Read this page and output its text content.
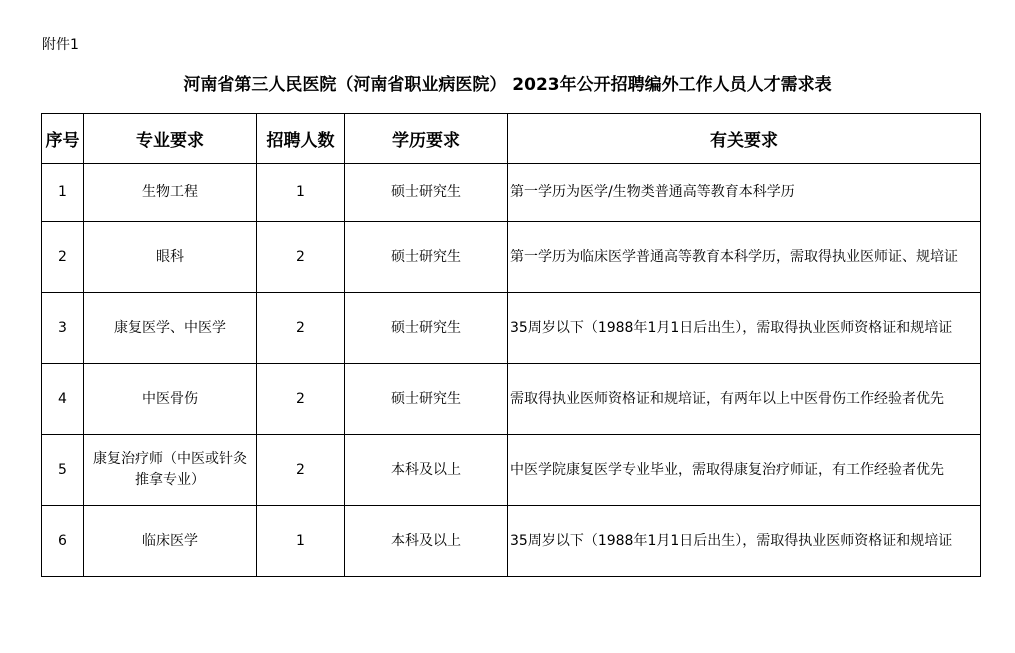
附件1
河南省第三人民医院（河南省职业病医院） 2023年公开招聘编外工作人员人才需求表
序号	专业要求	招聘人数	学历要求	有关要求
1	生物工程	1	硕士研究生	第一学历为医学/生物类普通高等教育本科学历
2	眼科	2	硕士研究生	第一学历为临床医学普通高等教育本科学历，需取得执业医师证、规培证
3	康复医学、中医学	2	硕士研究生	35周岁以下（1988年1月1日后出生），需取得执业医师资格证和规培证
4	中医骨伤	2	硕士研究生	需取得执业医师资格证和规培证，有两年以上中医骨伤工作经验者优先
5	康复治疗师（中医或针灸推拿专业）	2	本科及以上	中医学院康复医学专业毕业，需取得康复治疗师证，有工作经验者优先
6	临床医学	1	本科及以上	35周岁以下（1988年1月1日后出生），需取得执业医师资格证和规培证
